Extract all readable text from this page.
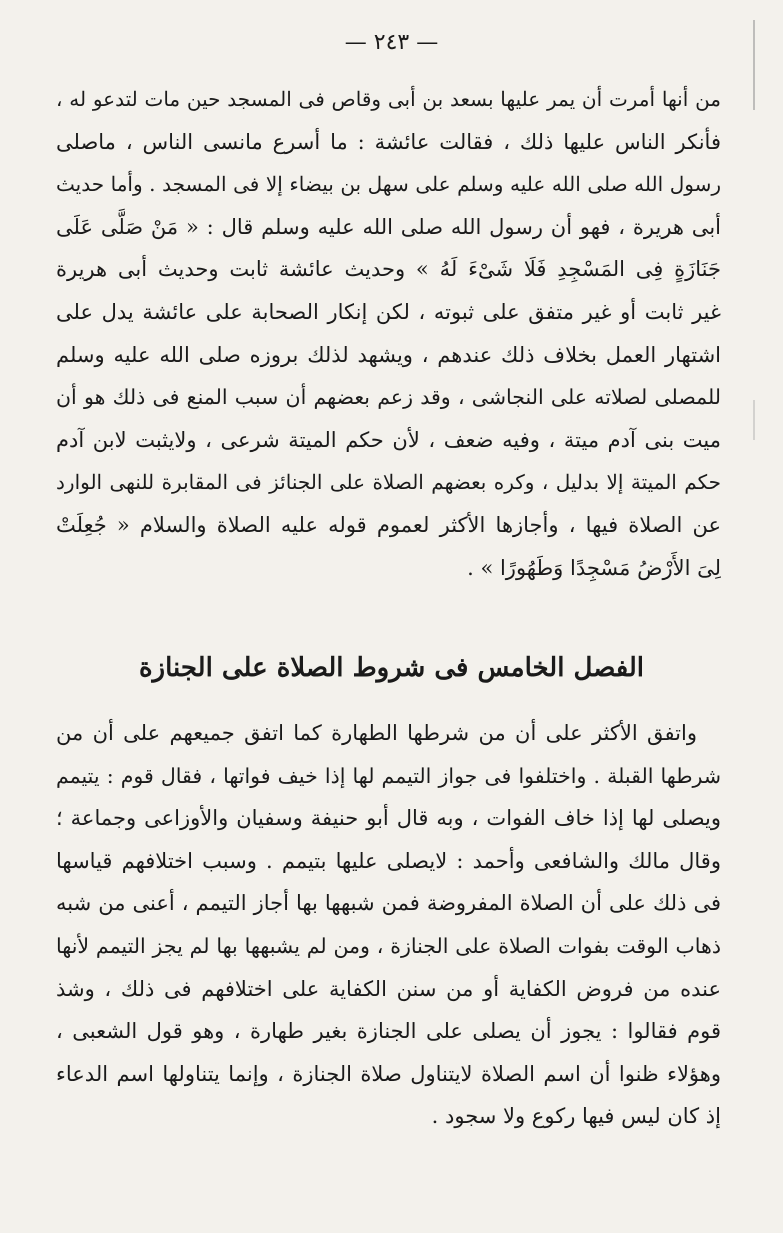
— ٢٤٣ —
من أنها أمرت أن يمر عليها بسعد بن أبى وقاص فى المسجد حين مات لتدعو له ،
فأنكر الناس عليها ذلك ، فقالت عائشة : ما أسرع مانسى الناس ، ماصلى
رسول الله صلى الله عليه وسلم على سهل بن بيضاء إلا فى المسجد . وأما حديث
أبى هريرة ، فهو أن رسول الله صلى الله عليه وسلم قال : « مَنْ صَلَّى عَلَى
جَنَازَةٍ فِى المَسْجِدِ فَلَا شَىْءَ لَهُ » وحديث عائشة ثابت وحديث أبى هريرة
غير ثابت أو غير متفق على ثبوته ، لكن إنكار الصحابة على عائشة يدل على
اشتهار العمل بخلاف ذلك عندهم ، ويشهد لذلك بروزه صلى الله عليه وسلم
للمصلى لصلاته على النجاشى ، وقد زعم بعضهم أن سبب المنع فى ذلك هو أن
ميت بنى آدم ميتة ، وفيه ضعف ، لأن حكم الميتة شرعى ، ولايثبت لابن آدم
حكم الميتة إلا بدليل ، وكره بعضهم الصلاة على الجنائز فى المقابرة للنهى الوارد
عن الصلاة فيها ، وأجازها الأكثر لعموم قوله عليه الصلاة والسلام « جُعِلَتْ
لِىَ الأَرْضُ مَسْجِدًا وَطَهُورًا » .
الفصل الخامس فى شروط الصلاة على الجنازة
واتفق الأكثر على أن من شرطها الطهارة كما اتفق جميعهم على أن من
شرطها القبلة . واختلفوا فى جواز التيمم لها إذا خيف فواتها ، فقال قوم : يتيمم
ويصلى لها إذا خاف الفوات ، وبه قال أبو حنيفة وسفيان والأوزاعى وجماعة ؛
وقال مالك والشافعى وأحمد : لايصلى عليها بتيمم . وسبب اختلافهم قياسها
فى ذلك على أن الصلاة المفروضة فمن شبهها بها أجاز التيمم ، أعنى من شبه
ذهاب الوقت بفوات الصلاة على الجنازة ، ومن لم يشبهها بها لم يجز التيمم لأنها
عنده من فروض الكفاية أو من سنن الكفاية على اختلافهم فى ذلك ، وشذ
قوم فقالوا : يجوز أن يصلى على الجنازة بغير طهارة ، وهو قول الشعبى ،
وهؤلاء ظنوا أن اسم الصلاة لايتناول صلاة الجنازة ، وإنما يتناولها اسم الدعاء
إذ كان ليس فيها ركوع ولا سجود .
